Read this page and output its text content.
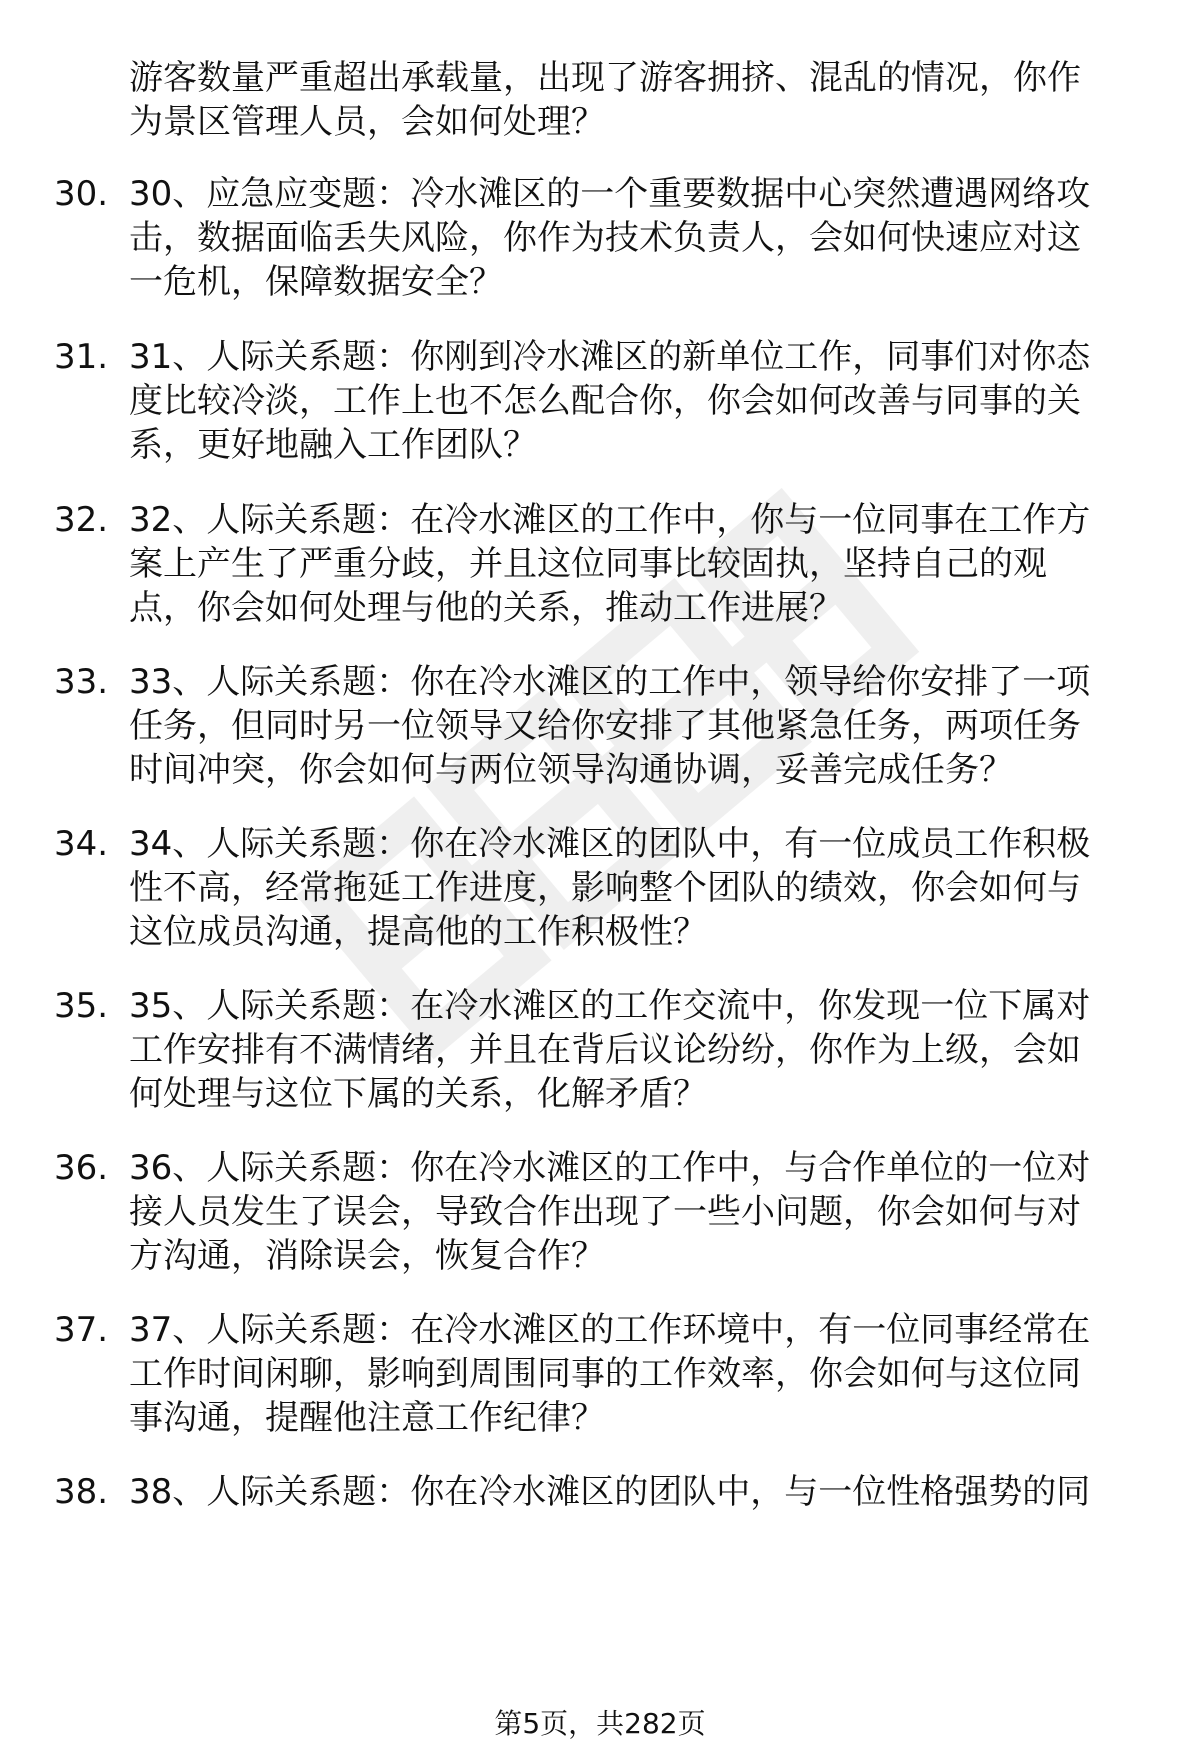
游客数量严重超出承载量，出现了游客拥挤、混乱的情况，你作
为景区管理人员，会如何处理？
30. 30、应急应变题：冷水滩区的一个重要数据中心突然遭遇网络攻
击，数据面临丢失风险，你作为技术负责人，会如何快速应对这
一危机，保障数据安全？
31. 31、人际关系题：你刚到冷水滩区的新单位工作，同事们对你态
度比较冷淡，工作上也不怎么配合你，你会如何改善与同事的关
系，更好地融入工作团队？
32. 32、人际关系题：在冷水滩区的工作中，你与一位同事在工作方
案上产生了严重分歧，并且这位同事比较固执，坚持自己的观
点，你会如何处理与他的关系，推动工作进展？
33. 33、人际关系题：你在冷水滩区的工作中，领导给你安排了一项
任务，但同时另一位领导又给你安排了其他紧急任务，两项任务
时间冲突，你会如何与两位领导沟通协调，妥善完成任务？
34. 34、人际关系题：你在冷水滩区的团队中，有一位成员工作积极
性不高，经常拖延工作进度，影响整个团队的绩效，你会如何与
这位成员沟通，提高他的工作积极性？
35. 35、人际关系题：在冷水滩区的工作交流中，你发现一位下属对
工作安排有不满情绪，并且在背后议论纷纷，你作为上级，会如
何处理与这位下属的关系，化解矛盾？
36. 36、人际关系题：你在冷水滩区的工作中，与合作单位的一位对
接人员发生了误会，导致合作出现了一些小问题，你会如何与对
方沟通，消除误会，恢复合作？
37. 37、人际关系题：在冷水滩区的工作环境中，有一位同事经常在
工作时间闲聊，影响到周围同事的工作效率，你会如何与这位同
事沟通，提醒他注意工作纪律？
38. 38、人际关系题：你在冷水滩区的团队中，与一位性格强势的同
第5页，共282页
